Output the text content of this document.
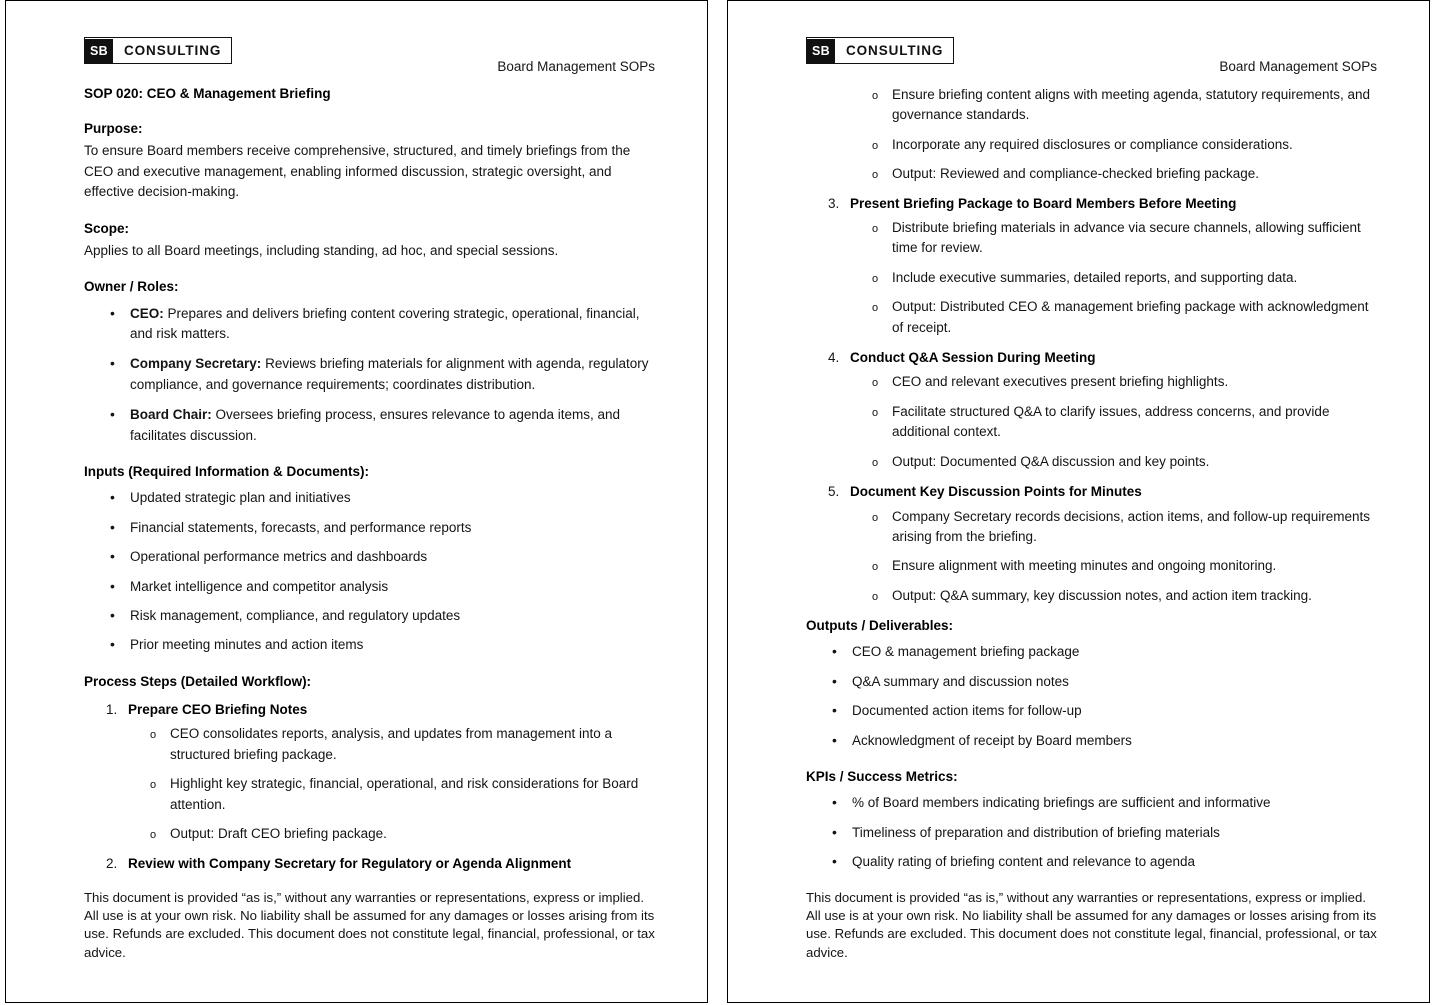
SB	CONSULTING
Board Management SOPs
SOP 020: CEO & Management Briefing
Purpose:
To ensure Board members receive comprehensive, structured, and timely briefings from the CEO and executive management, enabling informed discussion, strategic oversight, and effective decision-making.
Scope:
Applies to all Board meetings, including standing, ad hoc, and special sessions.
Owner / Roles:
• CEO: Prepares and delivers briefing content covering strategic, operational, financial, and risk matters.
• Company Secretary: Reviews briefing materials for alignment with agenda, regulatory compliance, and governance requirements; coordinates distribution.
• Board Chair: Oversees briefing process, ensures relevance to agenda items, and facilitates discussion.
Inputs (Required Information & Documents):
• Updated strategic plan and initiatives
• Financial statements, forecasts, and performance reports
• Operational performance metrics and dashboards
• Market intelligence and competitor analysis
• Risk management, compliance, and regulatory updates
• Prior meeting minutes and action items
Process Steps (Detailed Workflow):
Prepare CEO Briefing Notes
o CEO consolidates reports, analysis, and updates from management into a structured briefing package.
o Highlight key strategic, financial, operational, and risk considerations for Board attention.
o Output: Draft CEO briefing package.
Review with Company Secretary for Regulatory or Agenda Alignment
This document is provided “as is,” without any warranties or representations, express or implied. All use is at your own risk. No liability shall be assumed for any damages or losses arising from its use. Refunds are excluded. This document does not constitute legal, financial, professional, or tax advice.
SB	CONSULTING
Board Management SOPs
o Ensure briefing content aligns with meeting agenda, statutory requirements, and governance standards.
o Incorporate any required disclosures or compliance considerations.
o Output: Reviewed and compliance-checked briefing package.
Present Briefing Package to Board Members Before Meeting
o Distribute briefing materials in advance via secure channels, allowing sufficient time for review.
o Include executive summaries, detailed reports, and supporting data.
o Output: Distributed CEO & management briefing package with acknowledgment of receipt.
Conduct Q&A Session During Meeting
o CEO and relevant executives present briefing highlights.
o Facilitate structured Q&A to clarify issues, address concerns, and provide additional context.
o Output: Documented Q&A discussion and key points.
Document Key Discussion Points for Minutes
o Company Secretary records decisions, action items, and follow-up requirements arising from the briefing.
o Ensure alignment with meeting minutes and ongoing monitoring.
o Output: Q&A summary, key discussion notes, and action item tracking.
Outputs / Deliverables:
• CEO & management briefing package
• Q&A summary and discussion notes
• Documented action items for follow-up
• Acknowledgment of receipt by Board members
KPIs / Success Metrics:
• % of Board members indicating briefings are sufficient and informative
• Timeliness of preparation and distribution of briefing materials
• Quality rating of briefing content and relevance to agenda
This document is provided “as is,” without any warranties or representations, express or implied. All use is at your own risk. No liability shall be assumed for any damages or losses arising from its use. Refunds are excluded. This document does not constitute legal, financial, professional, or tax advice.
